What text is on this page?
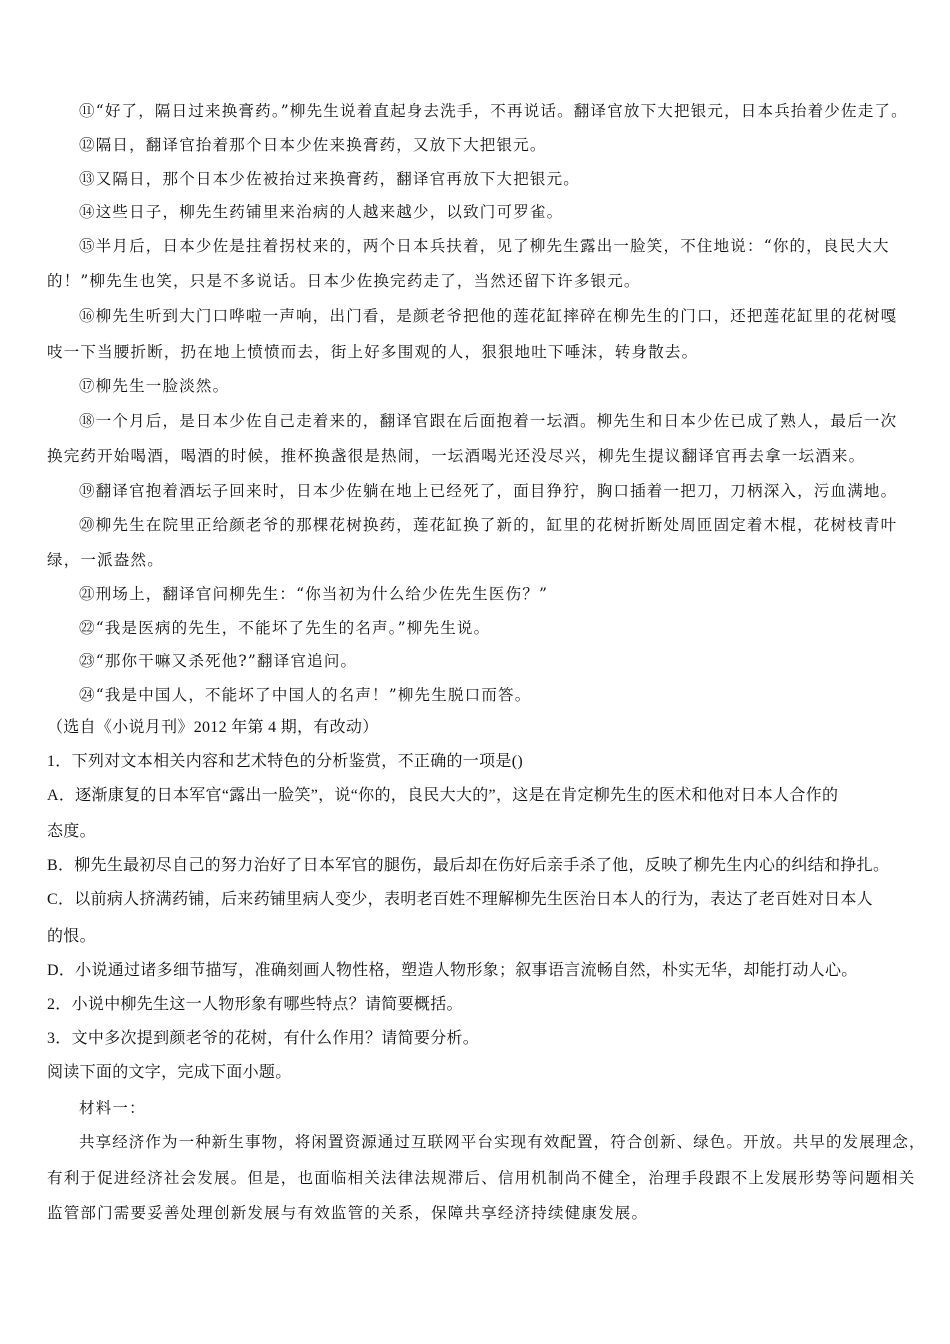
⑪“好了，隔日过来换膏药。”柳先生说着直起身去洗手，不再说话。翻译官放下大把银元，日本兵抬着少佐走了。
⑫隔日，翻译官抬着那个日本少佐来换膏药，又放下大把银元。
⑬又隔日，那个日本少佐被抬过来换膏药，翻译官再放下大把银元。
⑭这些日子，柳先生药铺里来治病的人越来越少，以致门可罗雀。
⑮半月后，日本少佐是拄着拐杖来的，两个日本兵扶着，见了柳先生露出一脸笑，不住地说：“你的，良民大大
的！”柳先生也笑，只是不多说话。日本少佐换完药走了，当然还留下许多银元。
⑯柳先生听到大门口哗啦一声响，出门看，是颜老爷把他的莲花缸摔碎在柳先生的门口，还把莲花缸里的花树嘎
吱一下当腰折断，扔在地上愤愤而去，街上好多围观的人，狠狠地吐下唾沫，转身散去。
⑰柳先生一脸淡然。
⑱一个月后，是日本少佐自己走着来的，翻译官跟在后面抱着一坛酒。柳先生和日本少佐已成了熟人，最后一次
换完药开始喝酒，喝酒的时候，推杯换盏很是热闹，一坛酒喝光还没尽兴，柳先生提议翻译官再去拿一坛酒来。
⑲翻译官抱着酒坛子回来时，日本少佐躺在地上已经死了，面目狰狞，胸口插着一把刀，刀柄深入，污血满地。
⑳柳先生在院里正给颜老爷的那棵花树换药，莲花缸换了新的，缸里的花树折断处周匝固定着木棍，花树枝青叶
绿，一派盎然。
㉑刑场上，翻译官问柳先生：“你当初为什么给少佐先生医伤？”
㉒“我是医病的先生，不能坏了先生的名声。”柳先生说。
㉓“那你干嘛又杀死他?”翻译官追问。
㉔“我是中国人，不能坏了中国人的名声！”柳先生脱口而答。
（选自《小说月刊》2012 年第 4 期，有改动）
1．下列对文本相关内容和艺术特色的分析鉴赏，不正确的一项是()
A．逐渐康复的日本军官“露出一脸笑”，说“你的，良民大大的”，这是在肯定柳先生的医术和他对日本人合作的
态度。
B．柳先生最初尽自己的努力治好了日本军官的腿伤，最后却在伤好后亲手杀了他，反映了柳先生内心的纠结和挣扎。
C．以前病人挤满药铺，后来药铺里病人变少，表明老百姓不理解柳先生医治日本人的行为，表达了老百姓对日本人
的恨。
D．小说通过诸多细节描写，准确刻画人物性格，塑造人物形象；叙事语言流畅自然，朴实无华，却能打动人心。
2．小说中柳先生这一人物形象有哪些特点？请简要概括。
3．文中多次提到颜老爷的花树，有什么作用？请简要分析。
阅读下面的文字，完成下面小题。
材料一：
共享经济作为一种新生事物，将闲置资源通过互联网平台实现有效配置，符合创新、绿色。开放。共早的发展理念，
有利于促进经济社会发展。但是，也面临相关法律法规滞后、信用机制尚不健全，治理手段跟不上发展形势等问题相关
监管部门需要妥善处理创新发展与有效监管的关系，保障共享经济持续健康发展。
